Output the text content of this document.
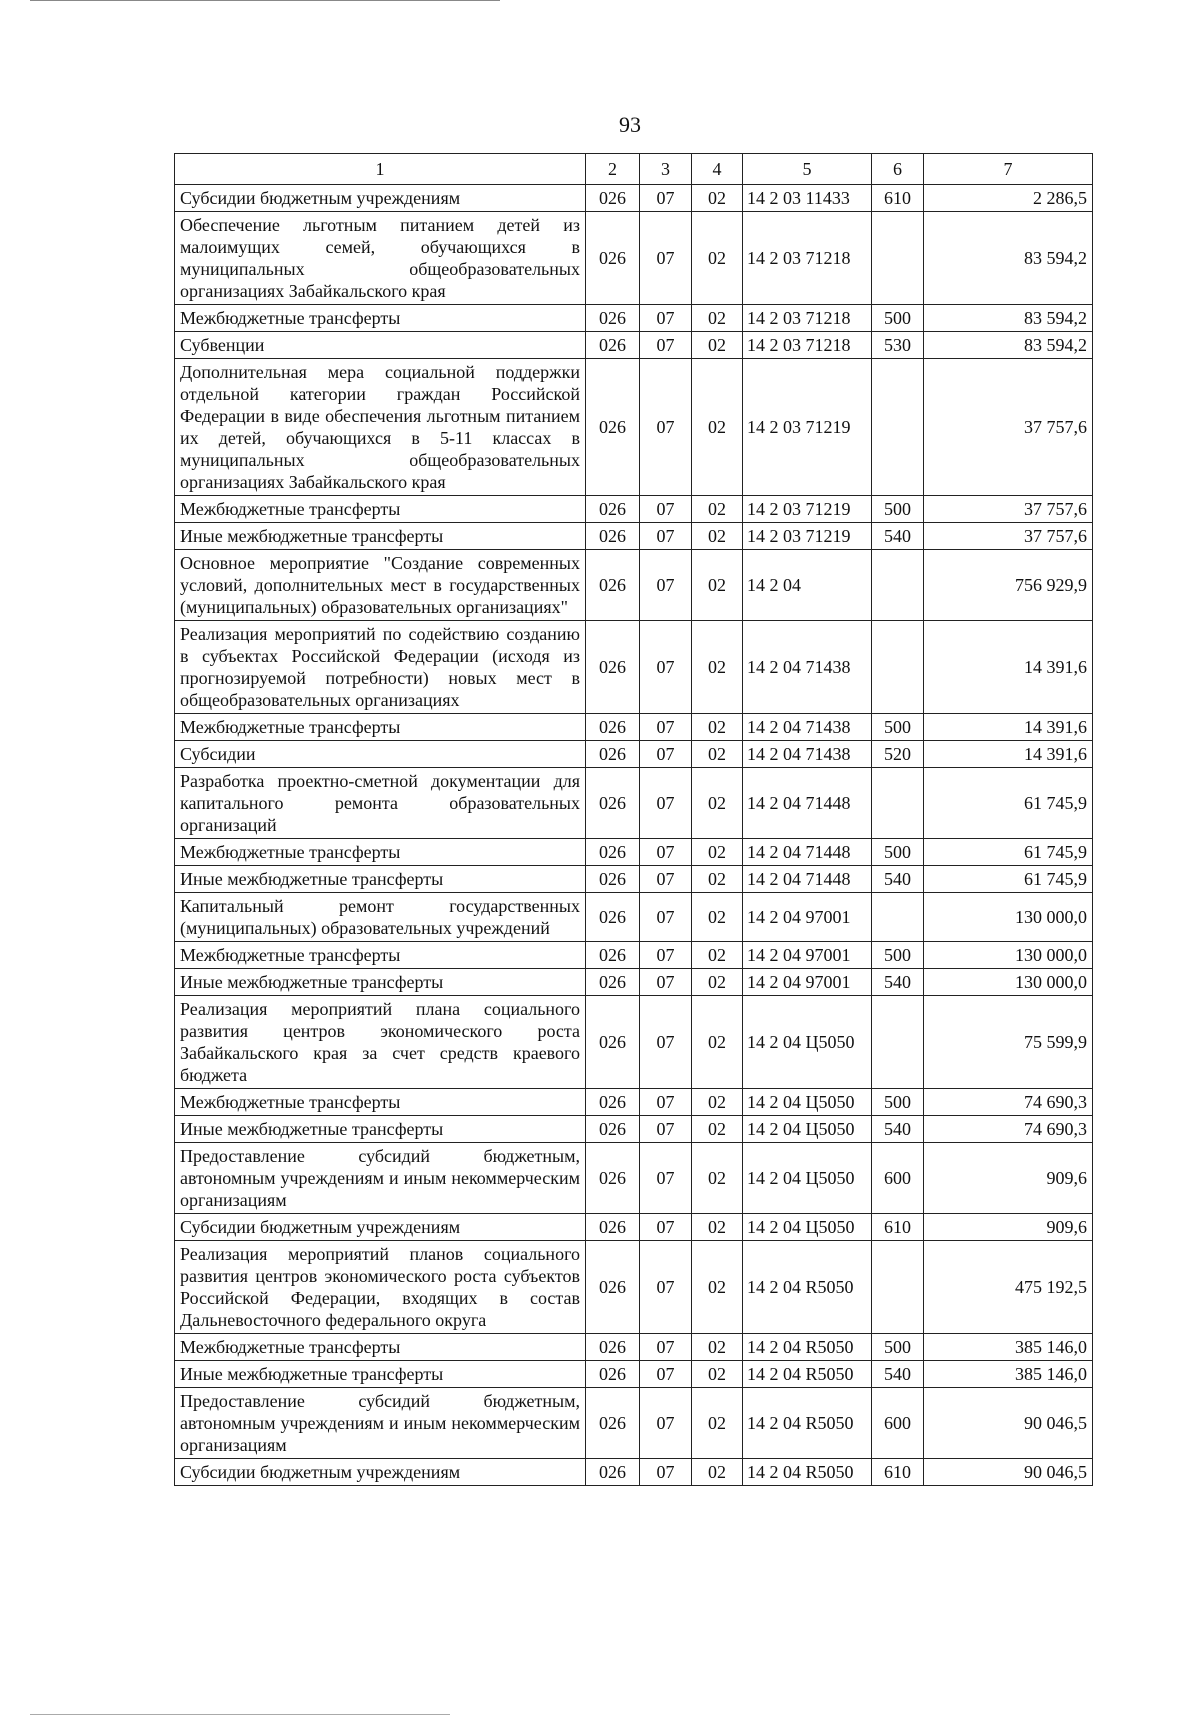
93
1	2	3	4	5	6	7
Субсидии бюджетным учреждениям	026	07	02	14 2 03 11433	610	2 286,5
Обеспечение льготным питанием детей из малоимущих семей, обучающихся в муниципальных общеобразовательных организациях Забайкальского края	026	07	02	14 2 03 71218		83 594,2
Межбюджетные трансферты	026	07	02	14 2 03 71218	500	83 594,2
Субвенции	026	07	02	14 2 03 71218	530	83 594,2
Дополнительная мера социальной поддержки отдельной категории граждан Российской Федерации в виде обеспечения льготным питанием их детей, обучающихся в 5-11 классах в муниципальных общеобразовательных организациях Забайкальского края	026	07	02	14 2 03 71219		37 757,6
Межбюджетные трансферты	026	07	02	14 2 03 71219	500	37 757,6
Иные межбюджетные трансферты	026	07	02	14 2 03 71219	540	37 757,6
Основное мероприятие "Создание современных условий, дополнительных мест в государственных (муниципальных) образовательных организациях"	026	07	02	14 2 04		756 929,9
Реализация мероприятий по содействию созданию в субъектах Российской Федерации (исходя из прогнозируемой потребности) новых мест в общеобразовательных организациях	026	07	02	14 2 04 71438		14 391,6
Межбюджетные трансферты	026	07	02	14 2 04 71438	500	14 391,6
Субсидии	026	07	02	14 2 04 71438	520	14 391,6
Разработка проектно-сметной документации для капитального ремонта образовательных организаций	026	07	02	14 2 04 71448		61 745,9
Межбюджетные трансферты	026	07	02	14 2 04 71448	500	61 745,9
Иные межбюджетные трансферты	026	07	02	14 2 04 71448	540	61 745,9
Капитальный ремонт государственных (муниципальных) образовательных учреждений	026	07	02	14 2 04 97001		130 000,0
Межбюджетные трансферты	026	07	02	14 2 04 97001	500	130 000,0
Иные межбюджетные трансферты	026	07	02	14 2 04 97001	540	130 000,0
Реализация мероприятий плана социального развития центров экономического роста Забайкальского края за счет средств краевого бюджета	026	07	02	14 2 04 Ц5050		75 599,9
Межбюджетные трансферты	026	07	02	14 2 04 Ц5050	500	74 690,3
Иные межбюджетные трансферты	026	07	02	14 2 04 Ц5050	540	74 690,3
Предоставление субсидий бюджетным, автономным учреждениям и иным некоммерческим организациям	026	07	02	14 2 04 Ц5050	600	909,6
Субсидии бюджетным учреждениям	026	07	02	14 2 04 Ц5050	610	909,6
Реализация мероприятий планов социального развития центров экономического роста субъектов Российской Федерации, входящих в состав Дальневосточного федерального округа	026	07	02	14 2 04 R5050		475 192,5
Межбюджетные трансферты	026	07	02	14 2 04 R5050	500	385 146,0
Иные межбюджетные трансферты	026	07	02	14 2 04 R5050	540	385 146,0
Предоставление субсидий бюджетным, автономным учреждениям и иным некоммерческим организациям	026	07	02	14 2 04 R5050	600	90 046,5
Субсидии бюджетным учреждениям	026	07	02	14 2 04 R5050	610	90 046,5
